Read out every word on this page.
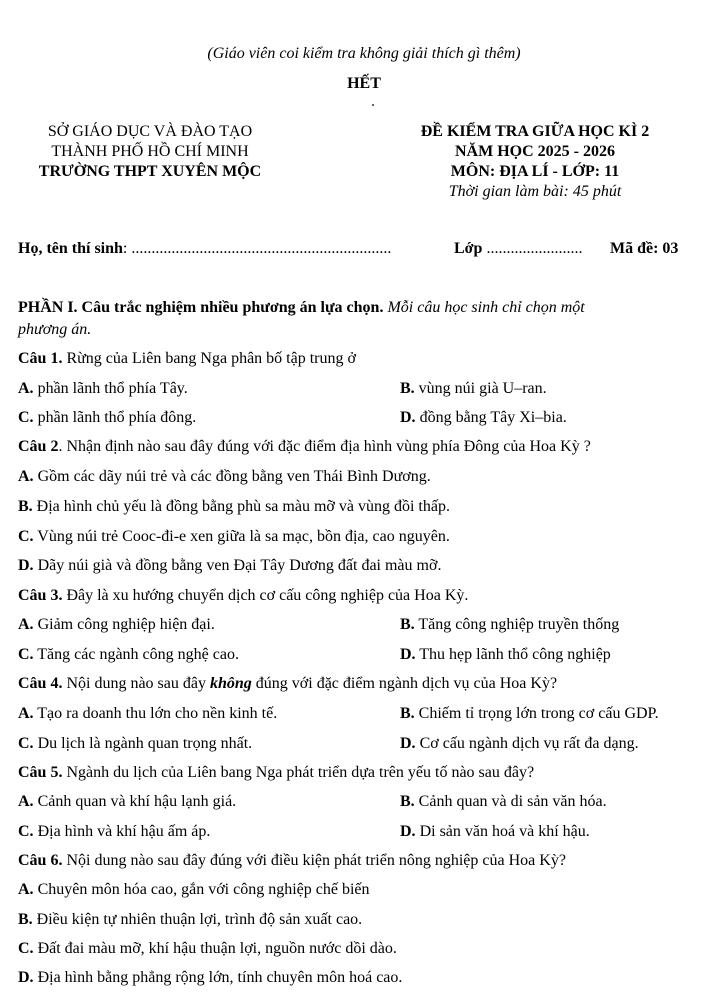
(Giáo viên coi kiểm tra không giải thích gì thêm)
HẾT
SỞ GIÁO DỤC VÀ ĐÀO TẠO
THÀNH PHỐ HỒ CHÍ MINH
TRƯỜNG THPT XUYÊN MỘC
ĐỀ KIỂM TRA GIỮA HỌC KÌ 2
NĂM HỌC 2025 - 2026
MÔN: ĐỊA LÍ - LỚP: 11
Thời gian làm bài: 45 phút
Họ, tên thí sinh: .................................................................	Lớp ........................ Mã đề: 03
PHẦN I. Câu trắc nghiệm nhiều phương án lựa chọn. Mỗi câu học sinh chỉ chọn một
phương án.
Câu 1. Rừng của Liên bang Nga phân bố tập trung ở
A. phần lãnh thổ phía Tây.	B. vùng núi già U–ran.
C. phần lãnh thổ phía đông.	D. đồng bằng Tây Xi–bia.
Câu 2. Nhận định nào sau đây đúng với đặc điểm địa hình vùng phía Đông của Hoa Kỳ ?
A. Gồm các dãy núi trẻ và các đồng bằng ven Thái Bình Dương.
B. Địa hình chủ yếu là đồng bằng phù sa màu mỡ và vùng đồi thấp.
C. Vùng núi trẻ Cooc-đi-e xen giữa là sa mạc, bồn địa, cao nguyên.
D. Dãy núi già và đồng bằng ven Đại Tây Dương đất đai màu mỡ.
Câu 3. Đây là xu hướng chuyển dịch cơ cấu công nghiệp của Hoa Kỳ.
A. Giảm công nghiệp hiện đại.	B. Tăng công nghiệp truyền thống
C. Tăng các ngành công nghệ cao.	D. Thu hẹp lãnh thổ công nghiệp
Câu 4. Nội dung nào sau đây không đúng với đặc điểm ngành dịch vụ của Hoa Kỳ?
A. Tạo ra doanh thu lớn cho nền kinh tế.	B. Chiếm tỉ trọng lớn trong cơ cấu GDP.
C. Du lịch là ngành quan trọng nhất.	D. Cơ cấu ngành dịch vụ rất đa dạng.
Câu 5. Ngành du lịch của Liên bang Nga phát triển dựa trên yếu tố nào sau đây?
A. Cảnh quan và khí hậu lạnh giá.	B. Cảnh quan và di sản văn hóa.
C. Địa hình và khí hậu ấm áp.	D. Di sản văn hoá và khí hậu.
Câu 6. Nội dung nào sau đây đúng với điều kiện phát triển nông nghiệp của Hoa Kỳ?
A. Chuyên môn hóa cao, gắn với công nghiệp chế biến
B. Điều kiện tự nhiên thuận lợi, trình độ sản xuất cao.
C. Đất đai màu mỡ, khí hậu thuận lợi, nguồn nước dồi dào.
D. Địa hình bằng phẳng rộng lớn, tính chuyên môn hoá cao.
